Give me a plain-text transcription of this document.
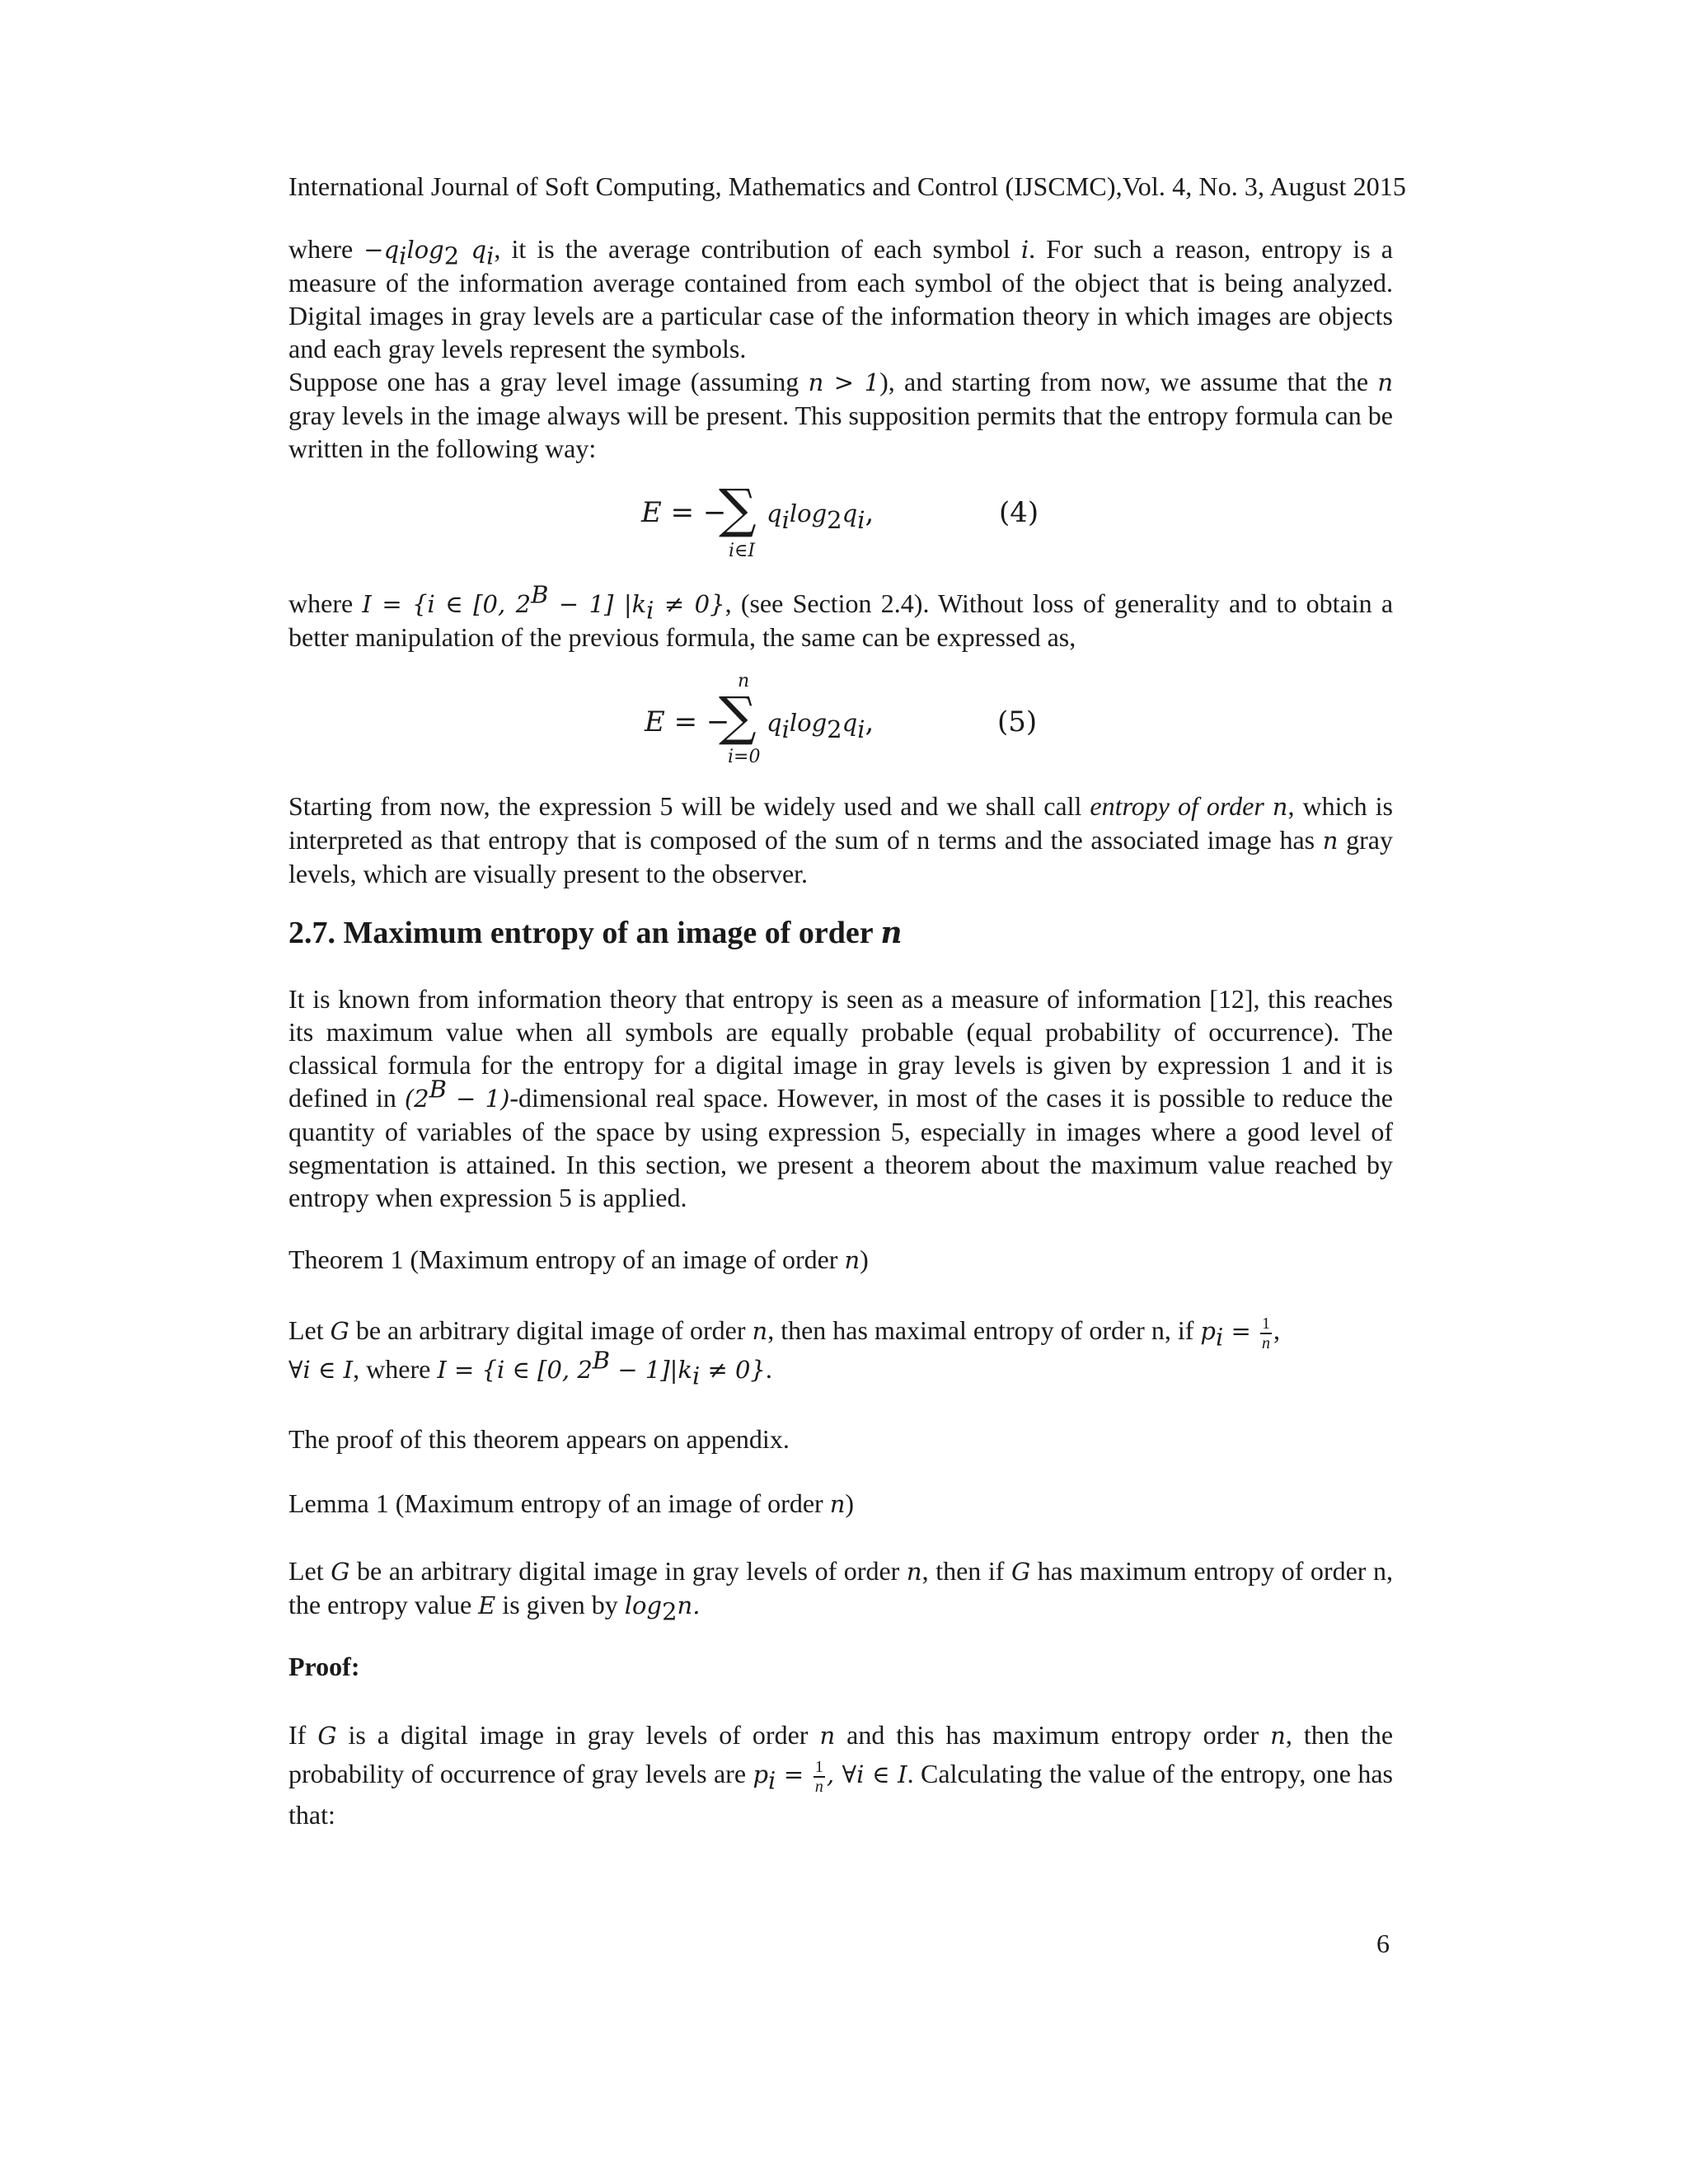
International Journal of Soft Computing, Mathematics and Control (IJSCMC),Vol. 4, No. 3, August 2015

where $-q_i\log_2$ $q_i$, it is the average contribution of each symbol i. For such a reason, entropy is a measure of the information average contained from each symbol of the object that is being analyzed. Digital images in gray levels are a particular case of the information theory in which images are objects and each gray levels represent the symbols.

Suppose one has a gray level image (assuming n > 1), and starting from now, we assume that the n gray levels in the image always will be present. This supposition permits that the entropy formula can be written in the following way:

E = −
∑
i∈I
$q_i\log_2q_i$,	(4)

where I = {i ∈ [0, $2^B - 1$] $|k_i \ne 0$}, (see Section 2.4). Without loss of generality and to obtain a better manipulation of the previous formula, the same can be expressed as,

n
E = −
∑
i=0
$q_i\log_2q_i$,	(5)

Starting from now, the expression 5 will be widely used and we shall call entropy of order n, which is interpreted as that entropy that is composed of the sum of n terms and the associated image has n gray levels, which are visually present to the observer.

2.7. Maximum entropy of an image of order n

It is known from information theory that entropy is seen as a measure of information [12], this reaches its maximum value when all symbols are equally probable (equal probability of occurrence). The classical formula for the entropy for a digital image in gray levels is given by expression 1 and it is defined in ($2^B$ − 1)-dimensional real space. However, in most of the cases it is possible to reduce the quantity of variables of the space by using expression 5, especially in images where a good level of segmentation is attained. In this section, we present a theorem about the maximum value reached by entropy when expression 5 is applied.

Theorem 1 (Maximum entropy of an image of order n)

Let G be an arbitrary digital image of order n, then has maximal entropy of order n, if $p_i = \frac{1}{n}$ ,

∀i ∈ I, where I = {i ∈ [0, $2^B - 1]|k_i \ne 0$}.

The proof of this theorem appears on appendix.
Lemma 1 (Maximum entropy of an image of order n)

Let G be an arbitrary digital image in gray levels of order n, then if G has maximum entropy of order n, the entropy value E is given by $\log_2n$.

Proof:

If G is a digital image in gray levels of order n and this has maximum entropy order n, then the probability of occurrence of gray levels are $p_i = \frac{1}{n}$ , ∀i ∈ I. Calculating the value of the entropy, one has that:

6
